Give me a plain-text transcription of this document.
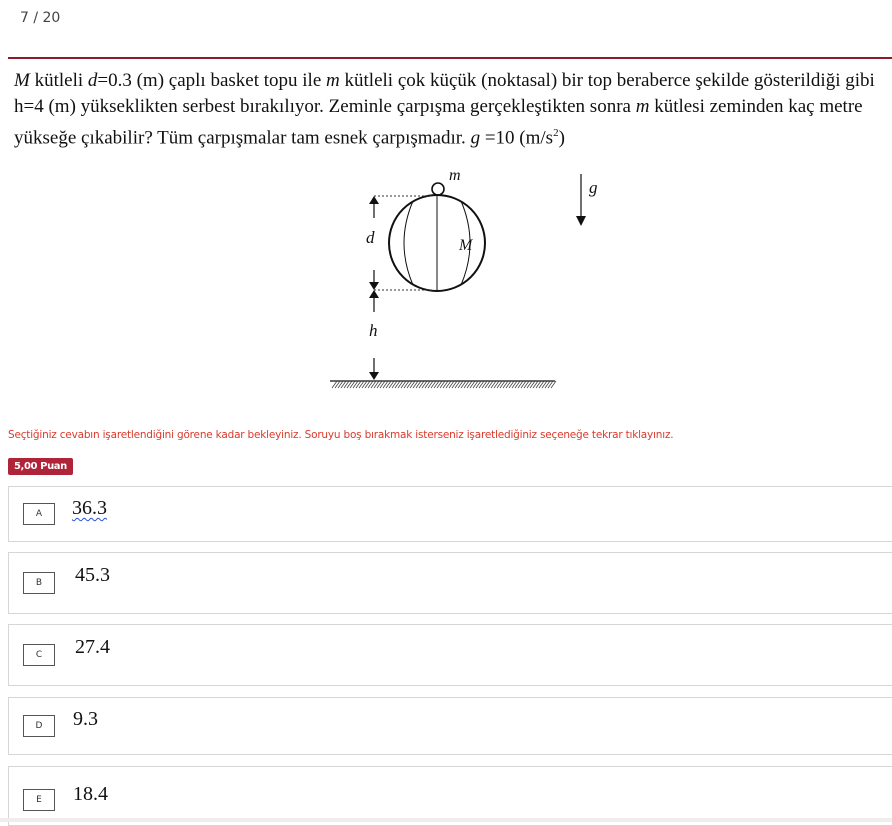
7 / 20
M kütleli d=0.3 (m) çaplı basket topu ile m kütleli çok küçük (noktasal) bir top beraberce şekilde gösterildiği gibi h=4 (m) yükseklikten serbest bırakılıyor. Zeminle çarpışma gerçekleştikten sonra m kütlesi zeminden kaç metre yükseğe çıkabilir? Tüm çarpışmalar tam esnek çarpışmadır. g =10 $(m/s^2)$
m
M
d
h
g⃗
Seçtiğiniz cevabın işaretlendiğini görene kadar bekleyiniz. Soruyu boş bırakmak isterseniz işaretlediğiniz seçeneğe tekrar tıklayınız.
5,00 Puan
A	36.3
B	45.3
C	27.4
D	9.3
E	18.4
